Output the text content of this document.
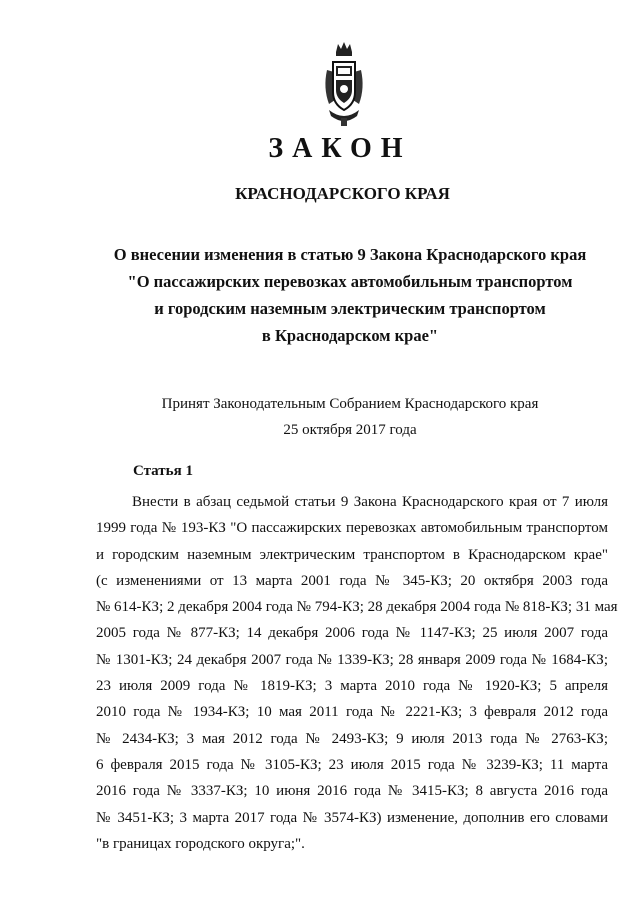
ЗАКОН
КРАСНОДАРСКОГО КРАЯ
О внесении изменения в статью 9 Закона Краснодарского края
"О пассажирских перевозках автомобильным транспортом
и городским наземным электрическим транспортом
в Краснодарском крае"
Принят Законодательным Собранием Краснодарского края
25 октября 2017 года
Статья 1
Внести в абзац седьмой статьи 9 Закона Краснодарского края от 7 июля
1999 года № 193-КЗ "О пассажирских перевозках автомобильным транспортом
и городским наземным электрическим транспортом в Краснодарском крае"
(с изменениями от 13 марта 2001 года № 345-КЗ; 20 октября 2003 года
№ 614-КЗ; 2 декабря 2004 года № 794-КЗ; 28 декабря 2004 года № 818-КЗ; 31 мая
2005 года № 877-КЗ; 14 декабря 2006 года № 1147-КЗ; 25 июля 2007 года
№ 1301-КЗ; 24 декабря 2007 года № 1339-КЗ; 28 января 2009 года № 1684-КЗ;
23 июля 2009 года № 1819-КЗ; 3 марта 2010 года № 1920-КЗ; 5 апреля
2010 года № 1934-КЗ; 10 мая 2011 года № 2221-КЗ; 3 февраля 2012 года
№ 2434-КЗ; 3 мая 2012 года № 2493-КЗ; 9 июля 2013 года № 2763-КЗ;
6 февраля 2015 года № 3105-КЗ; 23 июля 2015 года № 3239-КЗ; 11 марта
2016 года № 3337-КЗ; 10 июня 2016 года № 3415-КЗ; 8 августа 2016 года
№ 3451-КЗ; 3 марта 2017 года № 3574-КЗ) изменение, дополнив его словами
"в границах городского округа;".
